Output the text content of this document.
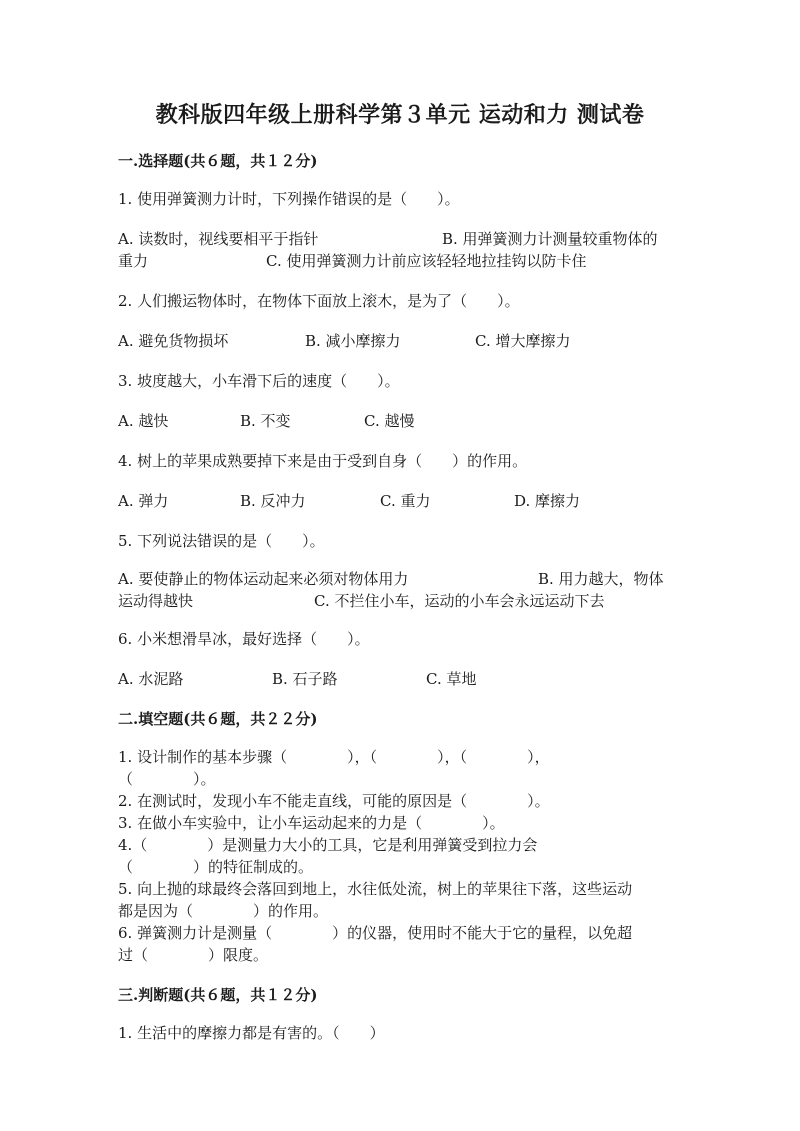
教科版四年级上册科学第３单元 运动和力 测试卷
一.选择题(共６题，共１２分)
1. 使用弹簧测力计时，下列操作错误的是（　　）。
A. 读数时，视线要相平于指针	B. 用弹簧测力计测量较重物体的
重力	C. 使用弹簧测力计前应该轻轻地拉挂钩以防卡住
2. 人们搬运物体时，在物体下面放上滚木，是为了（　　）。
A. 避免货物损坏	B. 减小摩擦力	C. 增大摩擦力
3. 坡度越大，小车滑下后的速度（　　）。
A. 越快	B. 不变	C. 越慢
4. 树上的苹果成熟要掉下来是由于受到自身（　　）的作用。
A. 弹力	B. 反冲力	C. 重力	D. 摩擦力
5. 下列说法错误的是（　　）。
A. 要使静止的物体运动起来必须对物体用力	B. 用力越大，物体
运动得越快	C. 不拦住小车，运动的小车会永远运动下去
6. 小米想滑旱冰，最好选择（　　）。
A. 水泥路	B. 石子路	C. 草地
二.填空题(共６题，共２２分)
1. 设计制作的基本步骤（　　　　），（　　　　），（　　　　），
（　　　　）。
2. 在测试时，发现小车不能走直线，可能的原因是（　　　　）。
3. 在做小车实验中，让小车运动起来的力是（　　　　）。
4.（　　　　）是测量力大小的工具，它是利用弹簧受到拉力会
（　　　　）的特征制成的。
5. 向上抛的球最终会落回到地上，水往低处流，树上的苹果往下落，这些运动
都是因为（　　　　）的作用。
6. 弹簧测力计是测量（　　　　）的仪器，使用时不能大于它的量程，以免超
过（　　　　）限度。
三.判断题(共６题，共１２分)
1. 生活中的摩擦力都是有害的。（　　）
